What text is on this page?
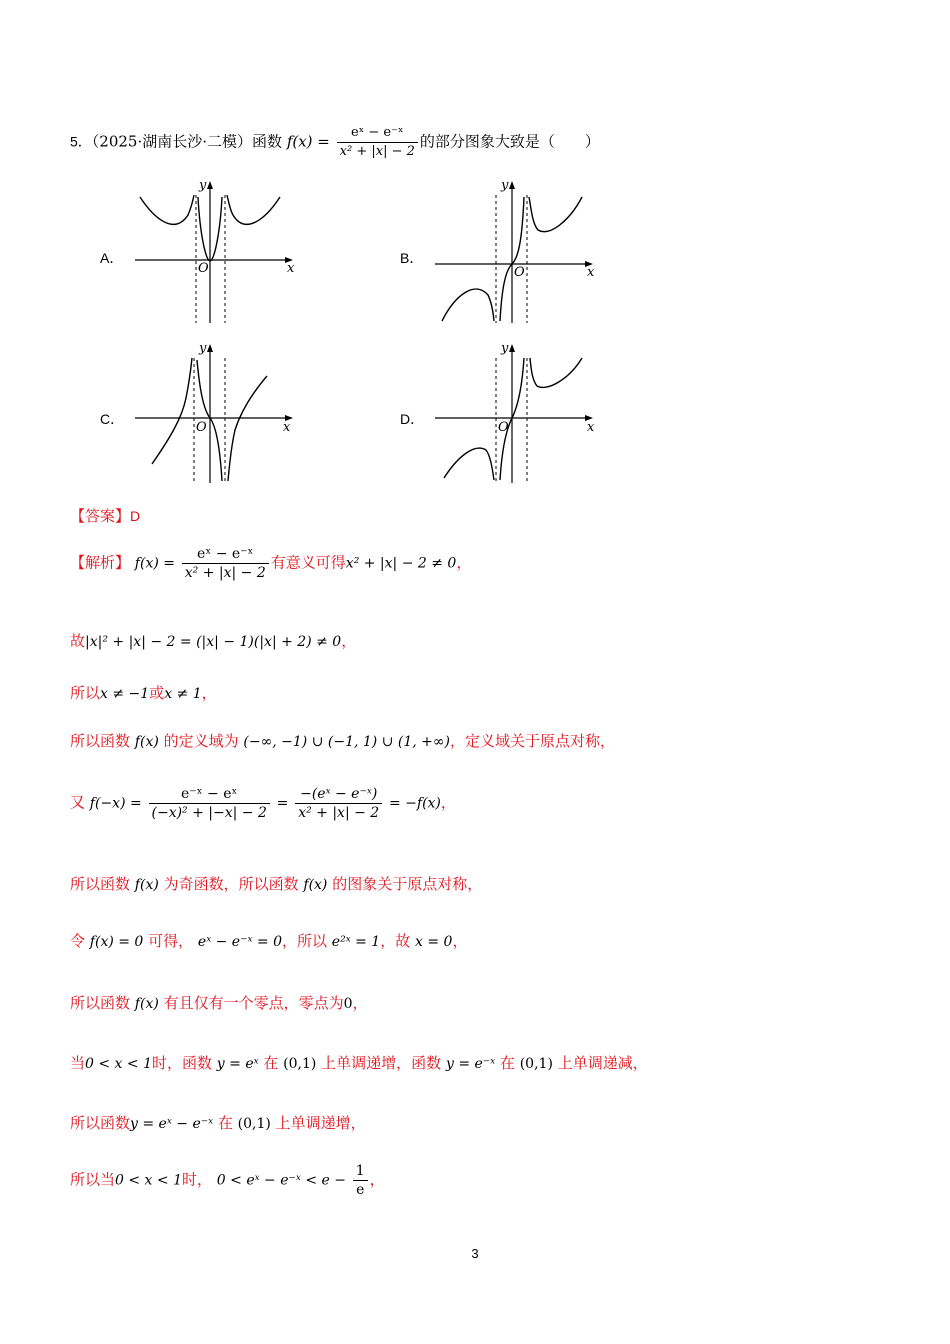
5．（2025·湖南长沙·二模）函数 $f(x) = \frac{\text{eˣ − e⁻ˣ}}{\text{x² + |x| − 2}}$ 的部分图象大致是（　　）
A．	B．
C．	D．
O	x
y
O	x
y
O	x
y
O	x
y
【答案】D
【解析】 $f(x) = \frac{\text{eˣ − e⁻ˣ}}{\text{x² + |x| − 2}}$ 有意义可得x² + |x| − 2 ≠ 0，
故|x|² + |x| − 2 = (|x| − 1)(|x| + 2) ≠ 0，
所以x ≠ −1或x ≠ 1，
所以函数 f(x) 的定义域为 (−∞, −1) ∪ (−1, 1) ∪ (1, +∞)，定义域关于原点对称，
又 $f(-x) = \frac{\text{e⁻ˣ − eˣ}}{\text{(−x)² + |−x| − 2}} = \frac{\text{−(eˣ − e⁻ˣ)}}{\text{x² + |x| − 2}} = -f(x)$，
所以函数 f(x) 为奇函数，所以函数 f(x) 的图象关于原点对称，
令 f(x) = 0 可得， eˣ − e⁻ˣ = 0，所以 e²ˣ = 1，故 x = 0，
所以函数 f(x) 有且仅有一个零点，零点为0，
当0 < x < 1时，函数 y = eˣ 在 (0,1) 上单调递增，函数 y = e⁻ˣ 在 (0,1) 上单调递减，
所以函数y = eˣ − e⁻ˣ 在 (0,1) 上单调递增，
所以当0 < x < 1时， 0 < eˣ − e⁻ˣ < $e - \frac{1}{e}$ ，
3
